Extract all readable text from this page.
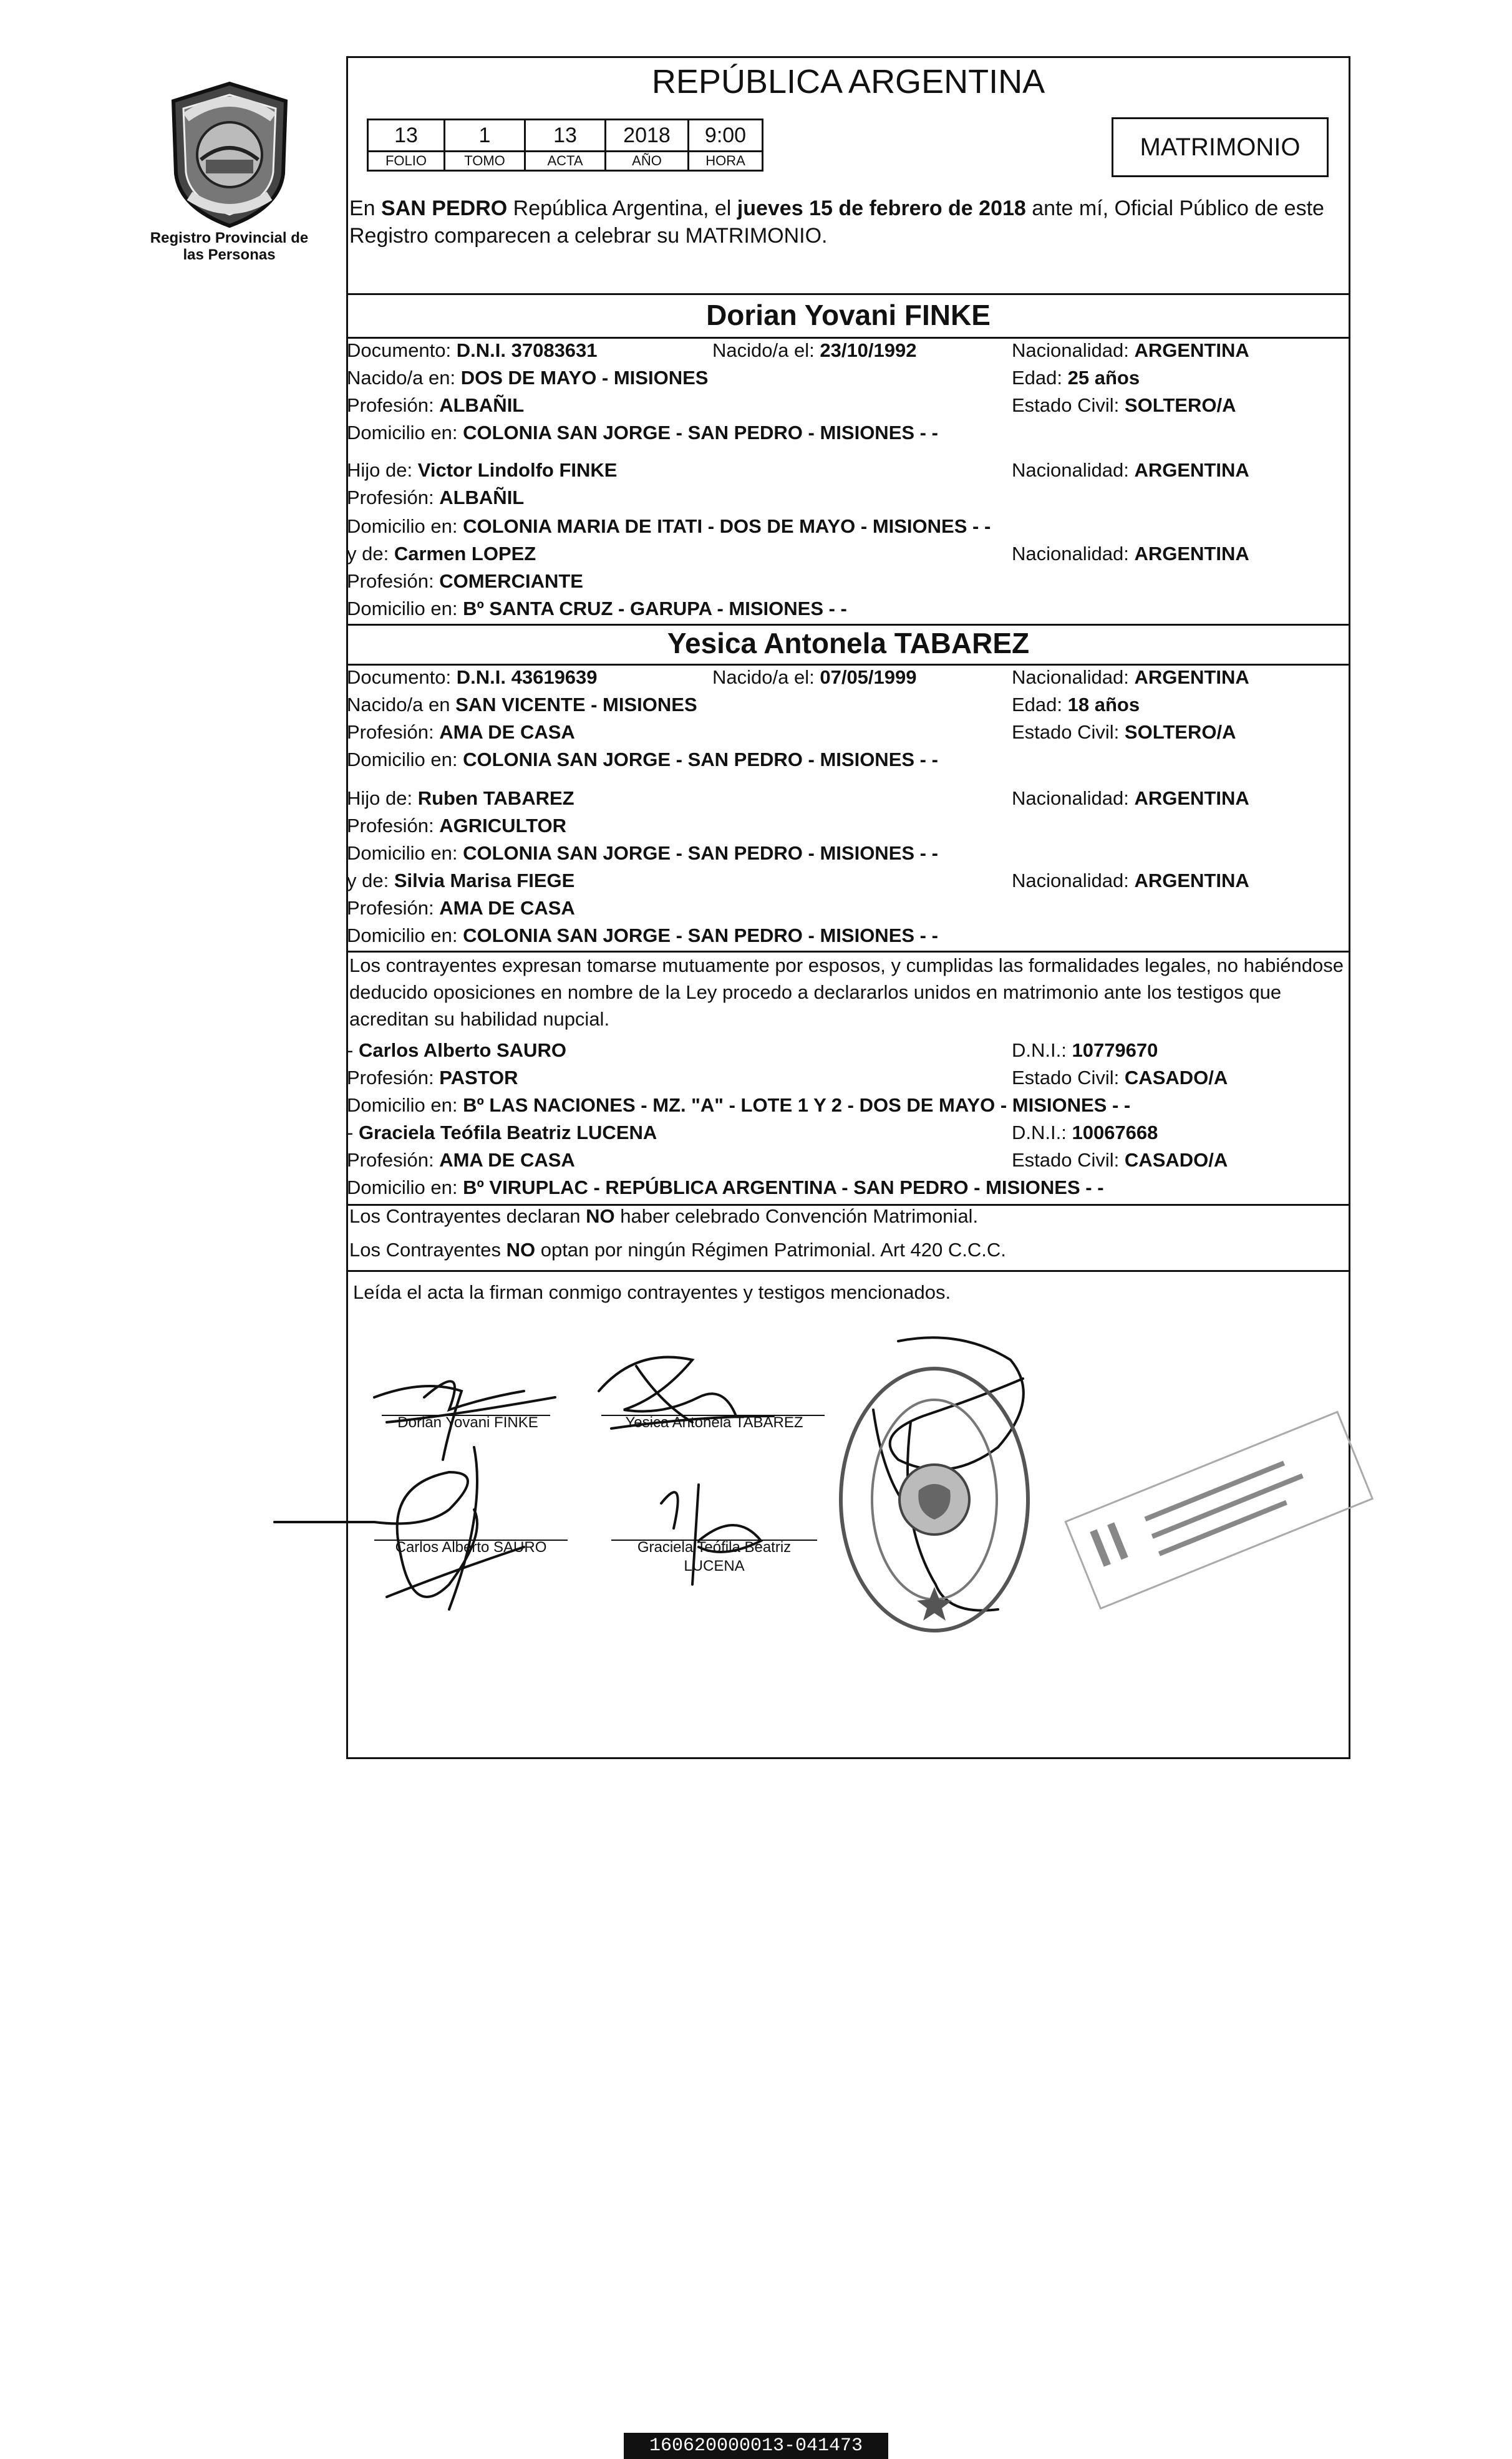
Registro Provincial de las Personas
REPÚBLICA ARGENTINA
13	1	13	2018	9:00
FOLIO	TOMO	ACTA	AÑO	HORA	MATRIMONIO
En SAN PEDRO República Argentina, el jueves 15 de febrero de 2018 ante mí, Oficial Público de este Registro comparecen a celebrar su MATRIMONIO.
Dorian Yovani FINKE
Documento: D.N.I. 37083631	Nacido/a el: 23/10/1992	Nacionalidad: ARGENTINA
Nacido/a en: DOS DE MAYO - MISIONES	Edad: 25 años
Profesión: ALBAÑIL	Estado Civil: SOLTERO/A
Domicilio en: COLONIA SAN JORGE - SAN PEDRO - MISIONES - -
Hijo de: Victor Lindolfo FINKE	Nacionalidad: ARGENTINA
Profesión: ALBAÑIL
Domicilio en: COLONIA MARIA DE ITATI - DOS DE MAYO - MISIONES - -
y de: Carmen LOPEZ	Nacionalidad: ARGENTINA
Profesión: COMERCIANTE
Domicilio en: Bº SANTA CRUZ - GARUPA - MISIONES - -
Yesica Antonela TABAREZ
Documento: D.N.I. 43619639	Nacido/a el: 07/05/1999	Nacionalidad: ARGENTINA
Nacido/a en SAN VICENTE - MISIONES	Edad: 18 años
Profesión: AMA DE CASA	Estado Civil: SOLTERO/A
Domicilio en: COLONIA SAN JORGE - SAN PEDRO - MISIONES - -
Hijo de: Ruben TABAREZ	Nacionalidad: ARGENTINA
Profesión: AGRICULTOR
Domicilio en: COLONIA SAN JORGE - SAN PEDRO - MISIONES - -
y de: Silvia Marisa FIEGE	Nacionalidad: ARGENTINA
Profesión: AMA DE CASA
Domicilio en: COLONIA SAN JORGE - SAN PEDRO - MISIONES - -
Los contrayentes expresan tomarse mutuamente por esposos, y cumplidas las formalidades legales, no habiéndose deducido oposiciones en nombre de la Ley procedo a declararlos unidos en matrimonio ante los testigos que acreditan su habilidad nupcial.
- Carlos Alberto SAURO	D.N.I.: 10779670
Profesión: PASTOR	Estado Civil: CASADO/A
Domicilio en: Bº LAS NACIONES - MZ. "A" - LOTE 1 Y 2 - DOS DE MAYO - MISIONES - -
- Graciela Teófila Beatriz LUCENA	D.N.I.: 10067668
Profesión: AMA DE CASA	Estado Civil: CASADO/A
Domicilio en: Bº VIRUPLAC - REPÚBLICA ARGENTINA - SAN PEDRO - MISIONES - -
Los Contrayentes declaran NO haber celebrado Convención Matrimonial.
Los Contrayentes NO optan por ningún Régimen Patrimonial. Art 420 C.C.C.
Leída el acta la firman conmigo contrayentes y testigos mencionados.
Dorian Yovani FINKE	Yesica Antonela TABAREZ
Carlos Alberto SAURO	Graciela Teófila Beatriz
LUCENA
160620000013-041473
